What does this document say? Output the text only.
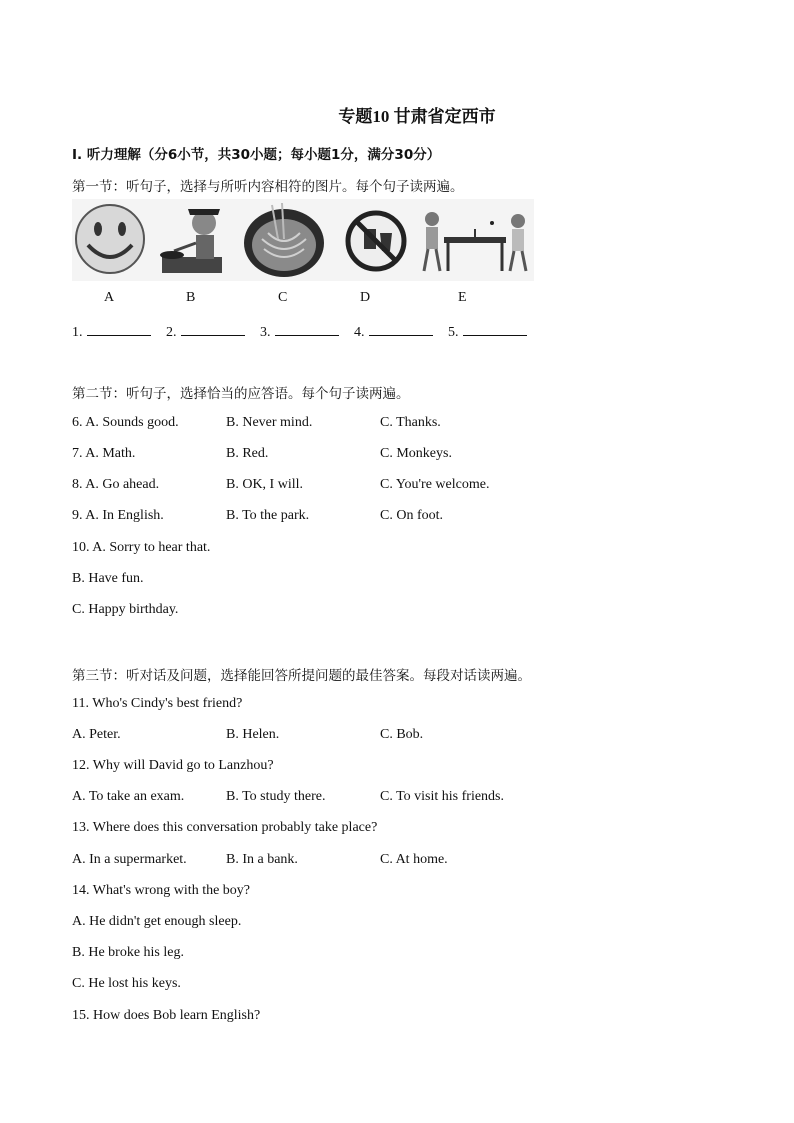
专题10 甘肃省定西市
I. 听力理解（分6小节，共30小题；每小题1分，满分30分）
第一节：听句子，选择与所听内容相符的图片。每个句子读两遍。
A	B	C	D	E
1.	2.	3.	4.	5.
第二节：听句子，选择恰当的应答语。每个句子读两遍。
6. A. Sounds good.	B. Never mind.	C. Thanks.
7. A. Math.	B. Red.	C. Monkeys.
8. A. Go ahead.	B. OK, I will.	C. You're welcome.
9. A. In English.	B. To the park.	C. On foot.
10. A. Sorry to hear that.
B. Have fun.
C. Happy birthday.
第三节：听对话及问题，选择能回答所提问题的最佳答案。每段对话读两遍。
11. Who's Cindy's best friend?
A. Peter.	B. Helen.	C. Bob.
12. Why will David go to Lanzhou?
A. To take an exam.	B. To study there.	C. To visit his friends.
13. Where does this conversation probably take place?
A. In a supermarket.	B. In a bank.	C. At home.
14. What's wrong with the boy?
A. He didn't get enough sleep.
B. He broke his leg.
C. He lost his keys.
15. How does Bob learn English?
